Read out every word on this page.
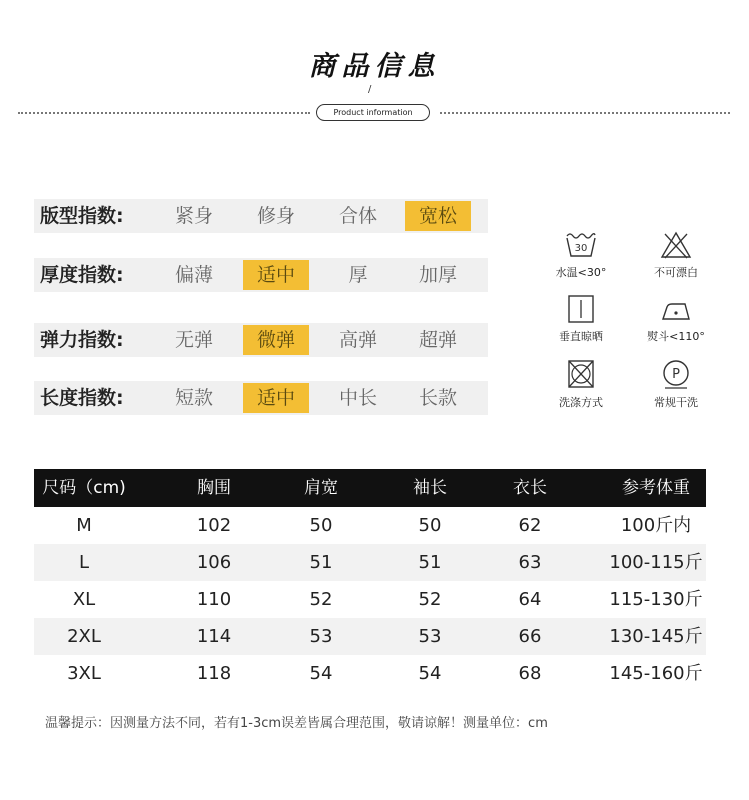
商品信息
/
Product information
版型指数:	紧身	修身	合体	宽松
厚度指数:	偏薄	适中	厚	加厚
弹力指数:	无弹	微弹	高弹	超弹
长度指数:	短款	适中	中长	长款
30
水温<30°	不可漂白
垂直晾晒	熨斗<110°
洗涤方式
P
常规干洗
尺码（cm)	胸围	肩宽	袖长	衣长	参考体重
M	102	50	50	62	100斤内
L	106	51	51	63	100-115斤
XL	110	52	52	64	115-130斤
2XL	114	53	53	66	130-145斤
3XL	118	54	54	68	145-160斤
温馨提示：因测量方法不同，若有1-3cm误差皆属合理范围，敬请谅解！测量单位：cm
